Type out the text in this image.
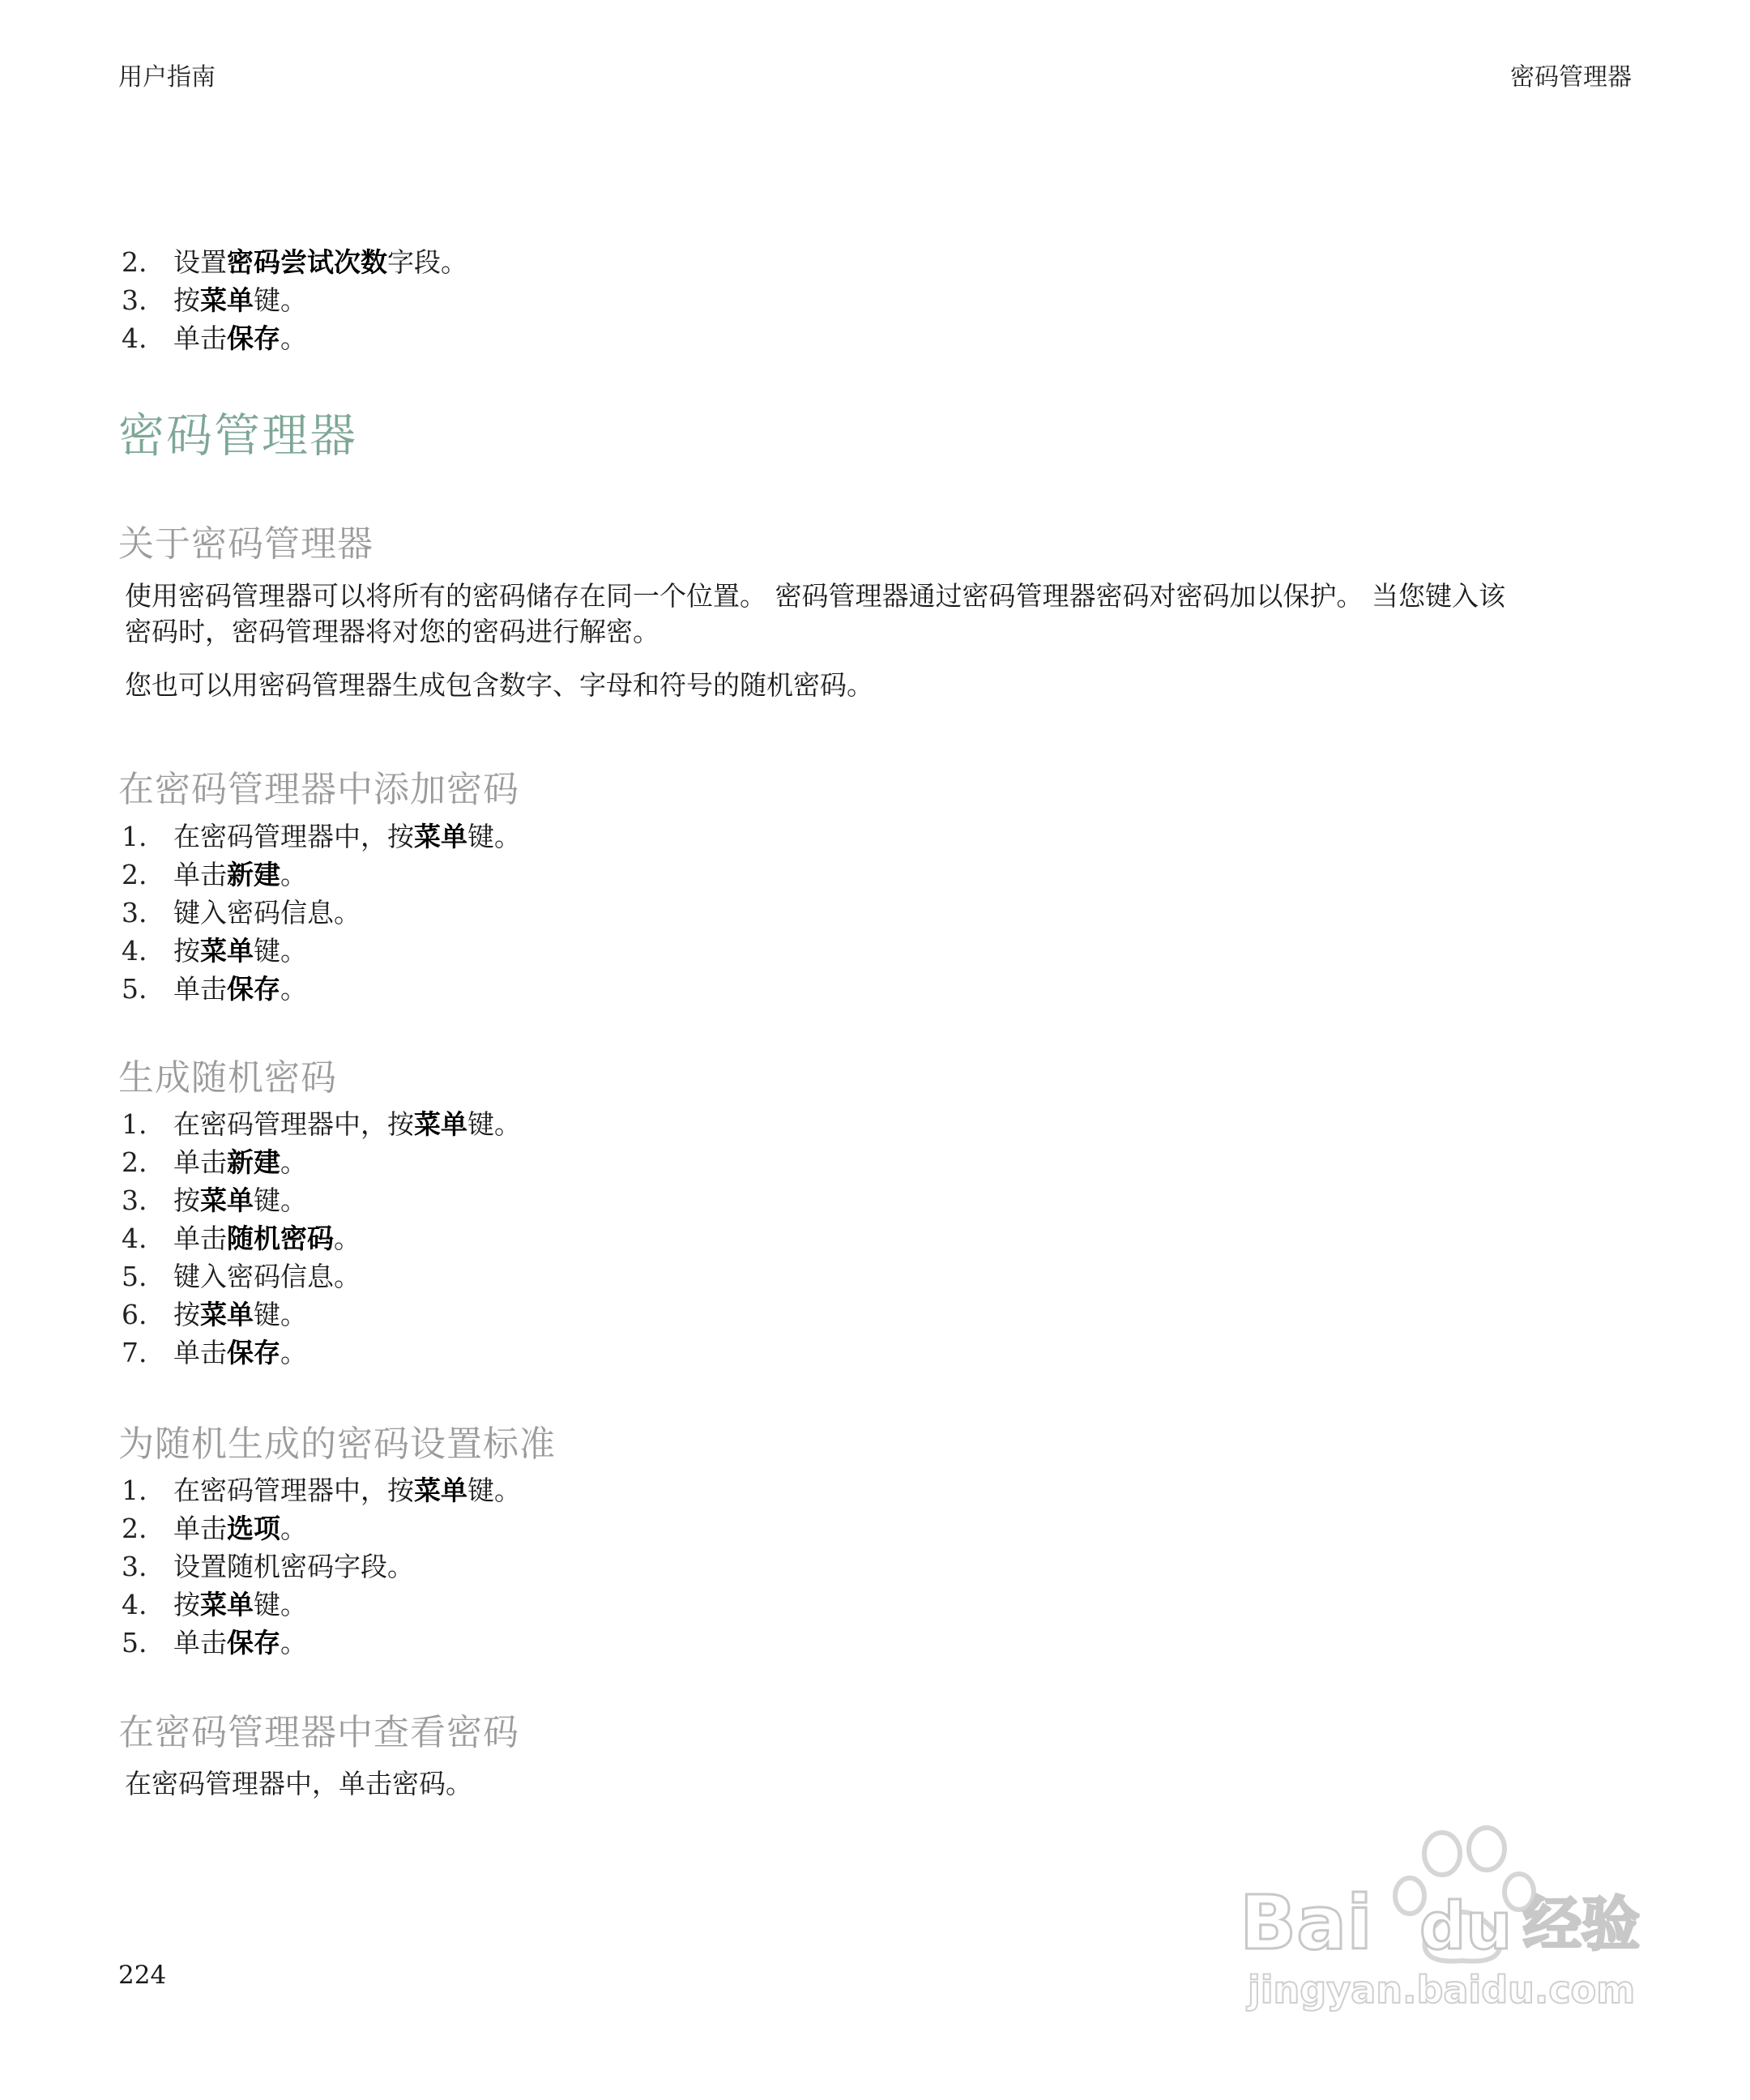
用户指南	密码管理器
2. 设置密码尝试次数字段。
3. 按菜单键。
4. 单击保存。
密码管理器
关于密码管理器
使用密码管理器可以将所有的密码储存在同一个位置。 密码管理器通过密码管理器密码对密码加以保护。 当您键入该
密码时，密码管理器将对您的密码进行解密。
您也可以用密码管理器生成包含数字、字母和符号的随机密码。
在密码管理器中添加密码
1. 在密码管理器中，按菜单键。
2. 单击新建。
3. 键入密码信息。
4. 按菜单键。
5. 单击保存。
生成随机密码
1. 在密码管理器中，按菜单键。
2. 单击新建。
3. 按菜单键。
4. 单击随机密码。
5. 键入密码信息。
6. 按菜单键。
7. 单击保存。
为随机生成的密码设置标准
1. 在密码管理器中，按菜单键。
2. 单击选项。
3. 设置随机密码字段。
4. 按菜单键。
5. 单击保存。
在密码管理器中查看密码
在密码管理器中，单击密码。
224
Bai du 经验
jingyan.baidu.com
